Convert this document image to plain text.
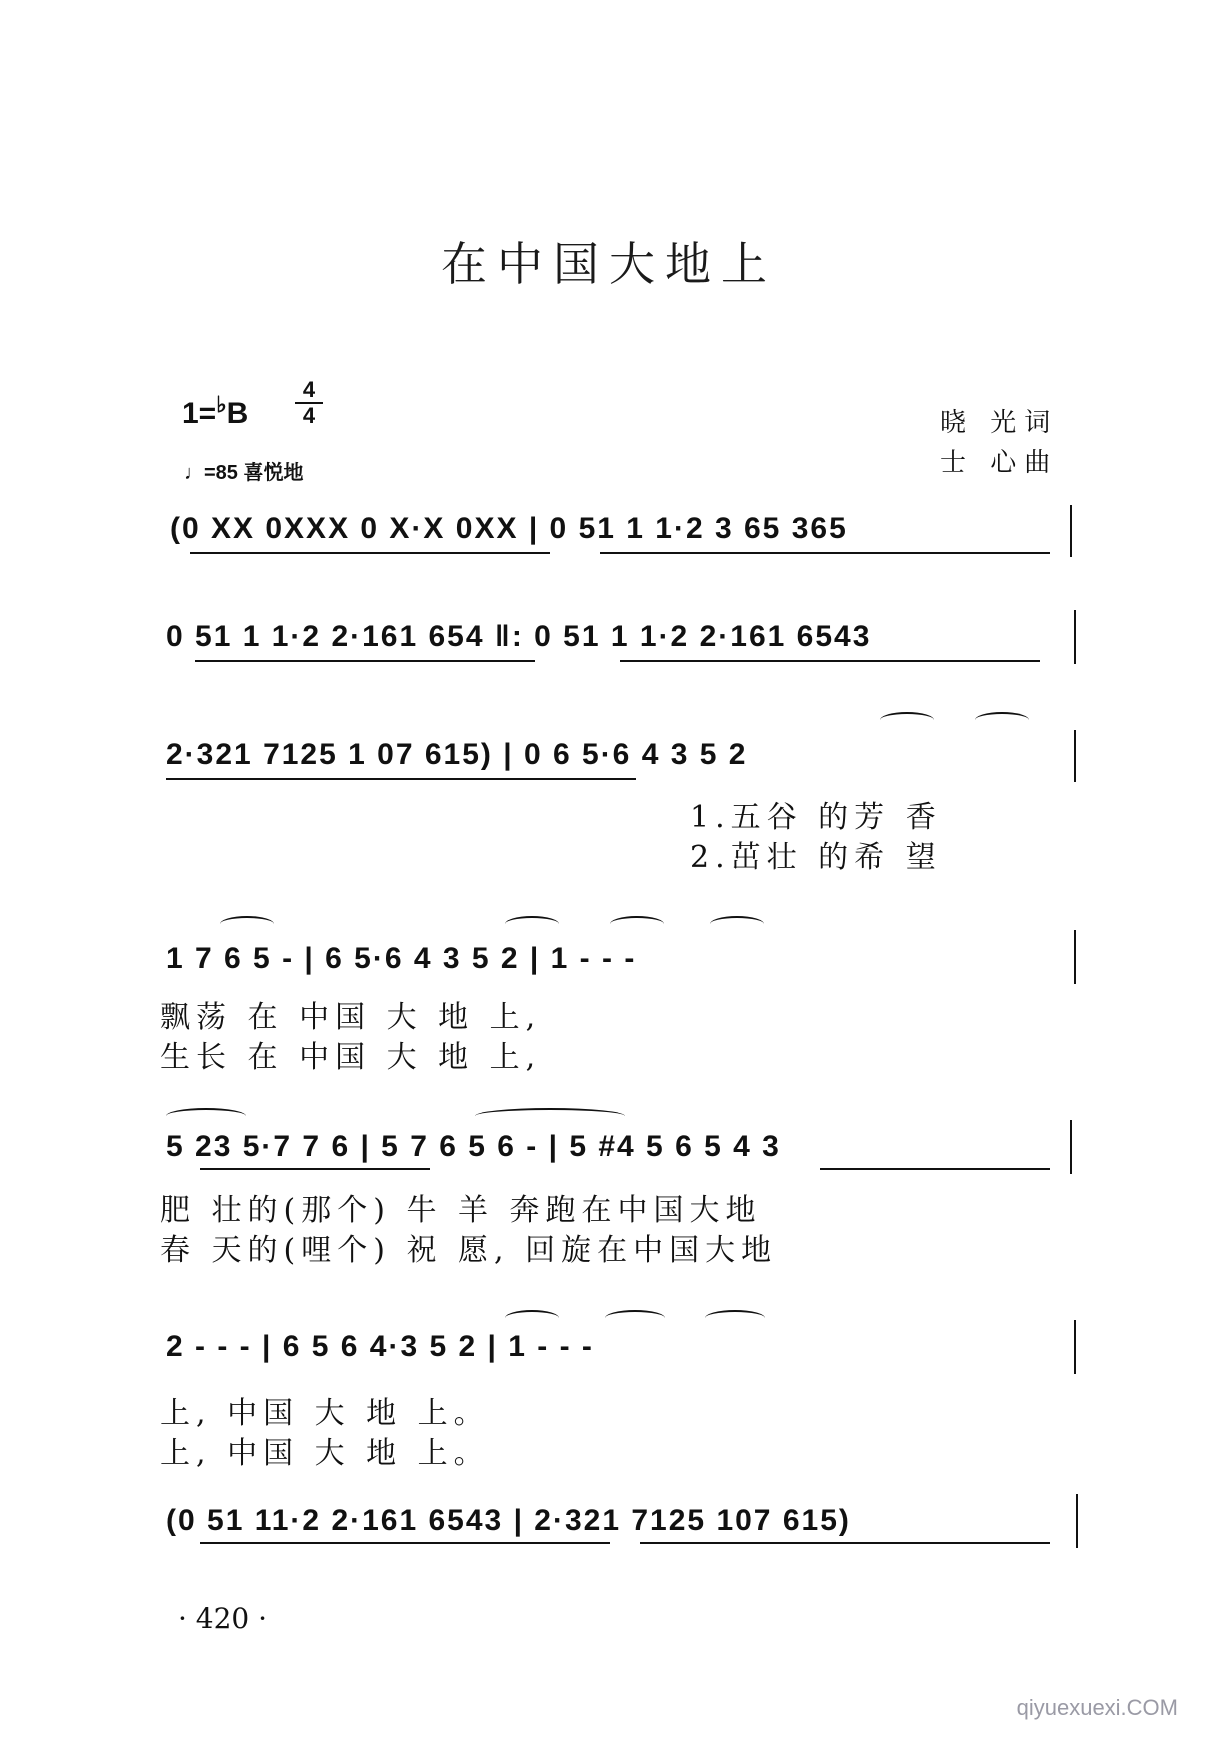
在中国大地上
1=♭B
4
4
♩=85 喜悦地
晓 光词
士 心曲
(0 XX 0XXX 0 X·X 0XX | 0 51 1 1·2 3 65 365
0 51 1 1·2 2·161 654 ‖: 0 51 1 1·2 2·161 6543
2·321 7125 1 07 615) | 0 6 5·6 4 3 5 2
1.五谷 的芳 香
2.茁壮 的希 望
1 7 6 5 - | 6 5·6 4 3 5 2 | 1 - - -
飘荡 在 中国 大 地 上,
生长 在 中国 大 地 上,
5 23 5·7 7 6 | 5 7 6 5 6 - | 5 #4 5 6 5 4 3
肥 壮的(那个) 牛 羊 奔跑在中国大地
春 天的(哩个) 祝 愿, 回旋在中国大地
2 - - - | 6 5 6 4·3 5 2 | 1 - - -
上, 中国 大 地 上。
上, 中国 大 地 上。
(0 51 11·2 2·161 6543 | 2·321 7125 107 615)
· 420 ·
qiyuexuexi.COM
